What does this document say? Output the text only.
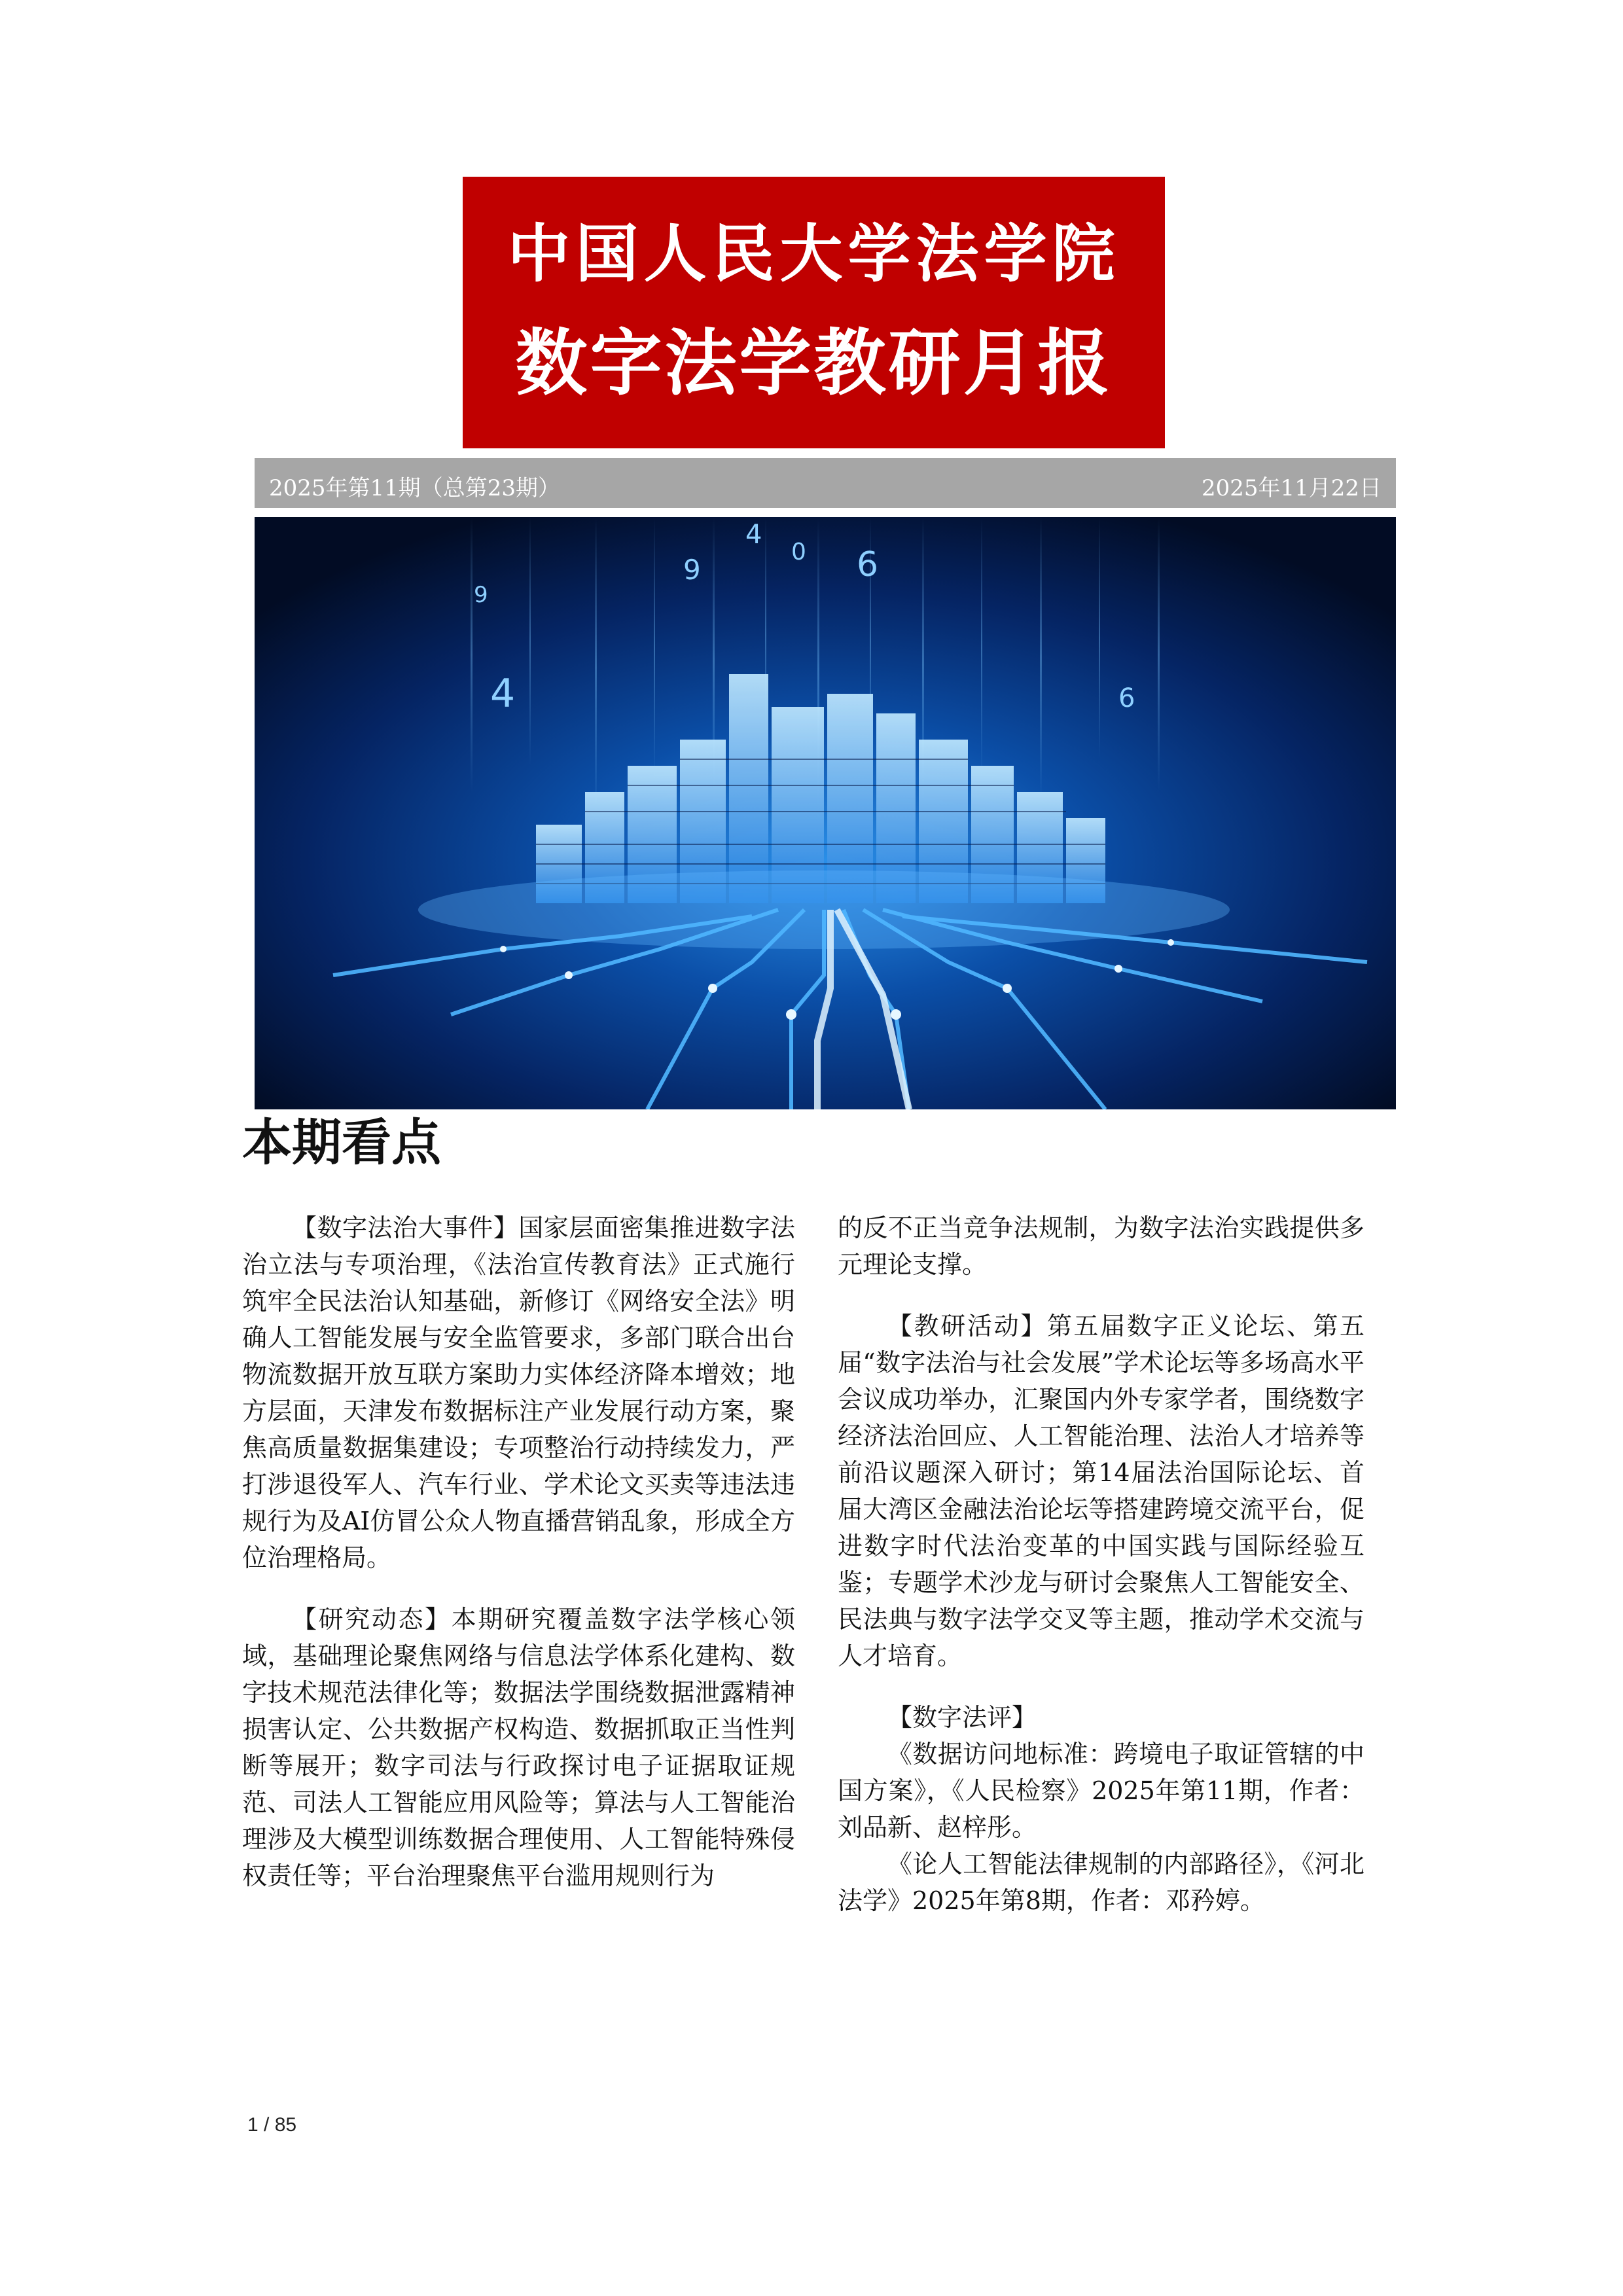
中国人民大学法学院
数字法学教研月报
2025年第11期（总第23期）	2025年11月22日
4
9
4
0 6
9
6
本期看点

【数字法治大事件】国家层面密集推进数字法治立法与专项治理，《法治宣传教育法》正式施行筑牢全民法治认知基础，新修订《网络安全法》明确人工智能发展与安全监管要求，多部门联合出台物流数据开放互联方案助力实体经济降本增效；地方层面，天津发布数据标注产业发展行动方案，聚焦高质量数据集建设；专项整治行动持续发力，严打涉退役军人、汽车行业、学术论文买卖等违法违规行为及AI仿冒公众人物直播营销乱象，形成全方位治理格局。

【研究动态】本期研究覆盖数字法学核心领域，基础理论聚焦网络与信息法学体系化建构、数字技术规范法律化等；数据法学围绕数据泄露精神损害认定、公共数据产权构造、数据抓取正当性判断等展开；数字司法与行政探讨电子证据取证规范、司法人工智能应用风险等；算法与人工智能治理涉及大模型训练数据合理使用、人工智能特殊侵权责任等；平台治理聚焦平台滥用规则行为

的反不正当竞争法规制，为数字法治实践提供多元理论支撑。

【教研活动】第五届数字正义论坛、第五届“数字法治与社会发展”学术论坛等多场高水平会议成功举办，汇聚国内外专家学者，围绕数字经济法治回应、人工智能治理、法治人才培养等前沿议题深入研讨；第14届法治国际论坛、首届大湾区金融法治论坛等搭建跨境交流平台，促进数字时代法治变革的中国实践与国际经验互鉴；专题学术沙龙与研讨会聚焦人工智能安全、民法典与数字法学交叉等主题，推动学术交流与人才培育。

【数字法评】

《数据访问地标准：跨境电子取证管辖的中国方案》，《人民检察》2025年第11期，作者：刘品新、赵梓彤。

《论人工智能法律规制的内部路径》，《河北法学》2025年第8期，作者：邓矜婷。

1 / 85
